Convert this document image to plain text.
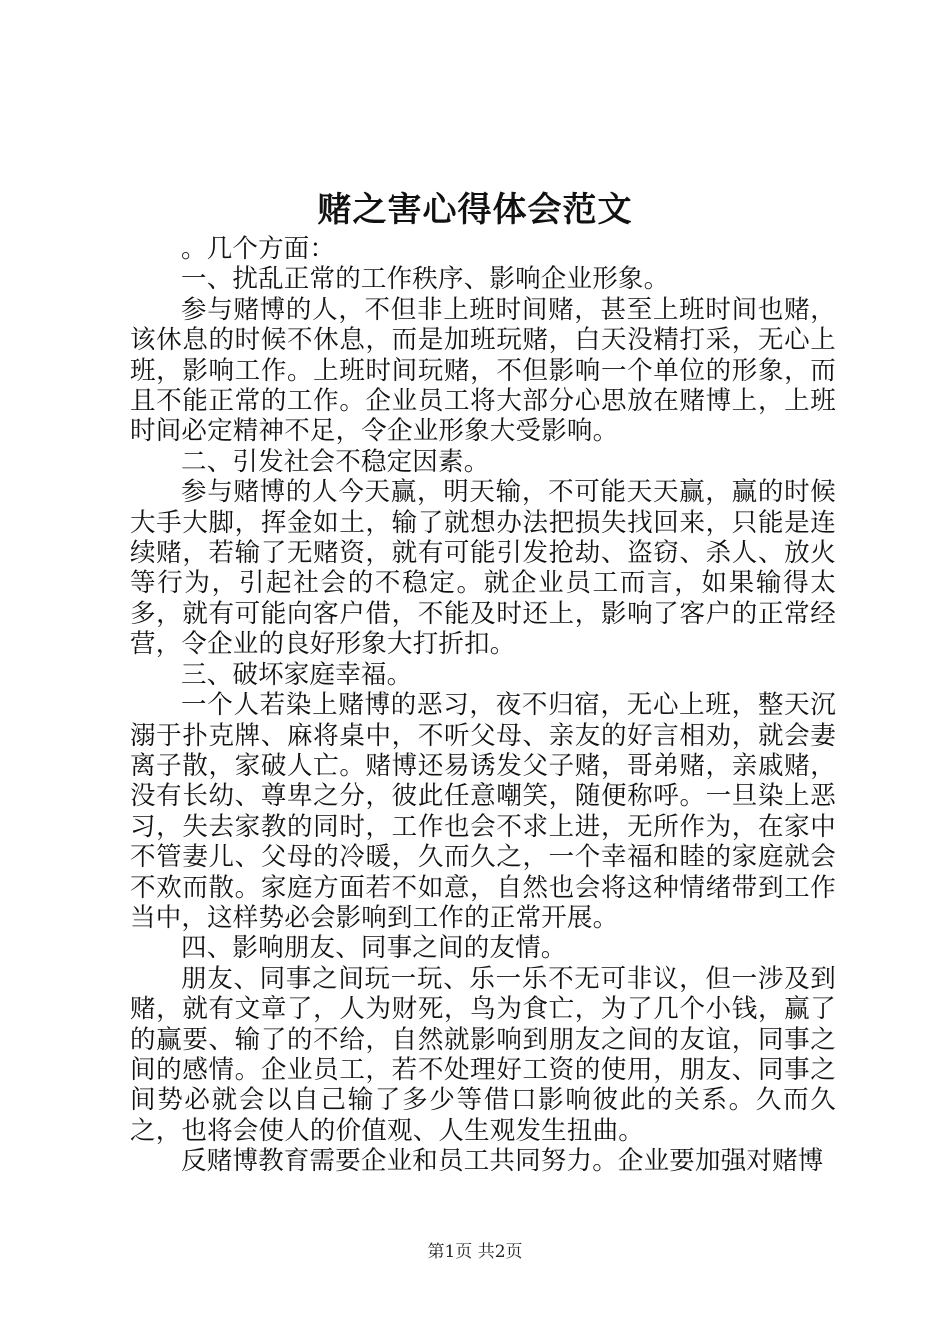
赌之害心得体会范文

。几个方面：

一、扰乱正常的工作秩序、影响企业形象。

参与赌博的人，不但非上班时间赌，甚至上班时间也赌，该休息的时候不休息，而是加班玩赌，白天没精打采，无心上班，影响工作。上班时间玩赌，不但影响一个单位的形象，而且不能正常的工作。企业员工将大部分心思放在赌博上，上班时间必定精神不足，令企业形象大受影响。

二、引发社会不稳定因素。

参与赌博的人今天赢，明天输，不可能天天赢，赢的时候大手大脚，挥金如土，输了就想办法把损失找回来，只能是连续赌，若输了无赌资，就有可能引发抢劫、盗窃、杀人、放火等行为，引起社会的不稳定。就企业员工而言，如果输得太多，就有可能向客户借，不能及时还上，影响了客户的正常经营，令企业的良好形象大打折扣。

三、破坏家庭幸福。

一个人若染上赌博的恶习，夜不归宿，无心上班，整天沉溺于扑克牌、麻将桌中，不听父母、亲友的好言相劝，就会妻离子散，家破人亡。赌博还易诱发父子赌，哥弟赌，亲戚赌，没有长幼、尊卑之分，彼此任意嘲笑，随便称呼。一旦染上恶习，失去家教的同时，工作也会不求上进，无所作为，在家中不管妻儿、父母的冷暖，久而久之，一个幸福和睦的家庭就会不欢而散。家庭方面若不如意，自然也会将这种情绪带到工作当中，这样势必会影响到工作的正常开展。

四、影响朋友、同事之间的友情。

朋友、同事之间玩一玩、乐一乐不无可非议，但一涉及到赌，就有文章了，人为财死，鸟为食亡，为了几个小钱，赢了的赢要、输了的不给，自然就影响到朋友之间的友谊，同事之间的感情。企业员工，若不处理好工资的使用，朋友、同事之间势必就会以自己输了多少等借口影响彼此的关系。久而久之，也将会使人的价值观、人生观发生扭曲。

反赌博教育需要企业和员工共同努力。企业要加强对赌博

第1页 共2页
